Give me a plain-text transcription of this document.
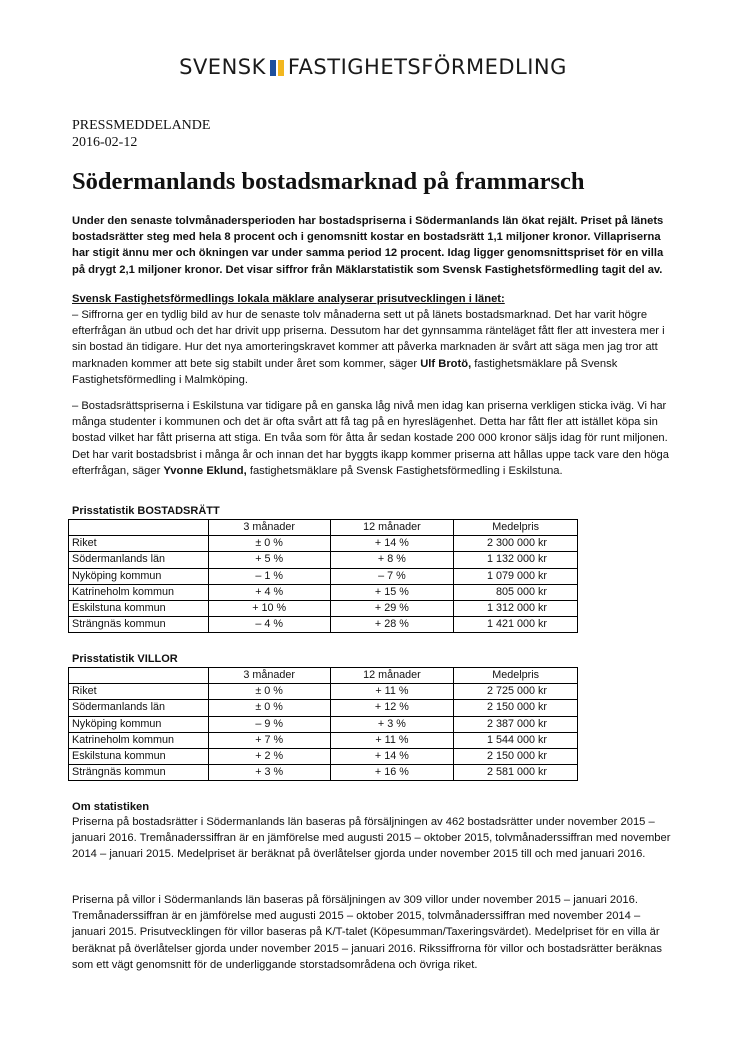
SVENSK FASTIGHETSFÖRMEDLING
PRESSMEDDELANDE
2016-02-12
Södermanlands bostadsmarknad på frammarsch

Under den senaste tolvmånadersperioden har bostadspriserna i Södermanlands län ökat rejält. Priset på länets bostadsrätter steg med hela 8 procent och i genomsnitt kostar en bostadsrätt 1,1 miljoner kronor. Villapriserna har stigit ännu mer och ökningen var under samma period 12 procent. Idag ligger genomsnittspriset för en villa på drygt 2,1 miljoner kronor. Det visar siffror från Mäklarstatistik som Svensk Fastighetsförmedling tagit del av.

Svensk Fastighetsförmedlings lokala mäklare analyserar prisutvecklingen i länet:

– Siffrorna ger en tydlig bild av hur de senaste tolv månaderna sett ut på länets bostadsmarknad. Det har varit högre efterfrågan än utbud och det har drivit upp priserna. Dessutom har det gynnsamma ränteläget fått fler att investera mer i sin bostad än tidigare. Hur det nya amorteringskravet kommer att påverka marknaden är svårt att säga men jag tror att marknaden kommer att bete sig stabilt under året som kommer, säger Ulf Brotö, fastighetsmäklare på Svensk Fastighetsförmedling i Malmköping.

– Bostadsrättspriserna i Eskilstuna var tidigare på en ganska låg nivå men idag kan priserna verkligen sticka iväg. Vi har många studenter i kommunen och det är ofta svårt att få tag på en hyreslägenhet. Detta har fått fler att istället köpa sin bostad vilket har fått priserna att stiga. En tvåa som för åtta år sedan kostade 200 000 kronor säljs idag för runt miljonen. Det har varit bostadsbrist i många år och innan det har byggts ikapp kommer priserna att hållas uppe tack vare den höga efterfrågan, säger Yvonne Eklund, fastighetsmäklare på Svensk Fastighetsförmedling i Eskilstuna.

Prisstatistik BOSTADSRÄTT
	3 månader	12 månader	Medelpris
Riket	± 0 %	+ 14 %	2 300 000 kr
Södermanlands län	+ 5 %	+ 8 %	1 132 000 kr
Nyköping kommun	– 1 %	– 7 %	1 079 000 kr
Katrineholm kommun	+ 4 %	+ 15 %	805 000 kr
Eskilstuna kommun	+ 10 %	+ 29 %	1 312 000 kr
Strängnäs kommun	– 4 %	+ 28 %	1 421 000 kr
Prisstatistik VILLOR
	3 månader	12 månader	Medelpris
Riket	± 0 %	+ 11 %	2 725 000 kr
Södermanlands län	± 0 %	+ 12 %	2 150 000 kr
Nyköping kommun	– 9 %	+ 3 %	2 387 000 kr
Katrineholm kommun	+ 7 %	+ 11 %	1 544 000 kr
Eskilstuna kommun	+ 2 %	+ 14 %	2 150 000 kr
Strängnäs kommun	+ 3 %	+ 16 %	2 581 000 kr

Om statistiken

Priserna på bostadsrätter i Södermanlands län baseras på försäljningen av 462 bostadsrätter under november 2015 – januari 2016. Tremånaderssiffran är en jämförelse med augusti 2015 – oktober 2015, tolvmånaderssiffran med november 2014 – januari 2015. Medelpriset är beräknat på överlåtelser gjorda under november 2015 till och med januari 2016.

Priserna på villor i Södermanlands län baseras på försäljningen av 309 villor under november 2015 – januari 2016. Tremånaderssiffran är en jämförelse med augusti 2015 – oktober 2015, tolvmånaderssiffran med november 2014 – januari 2015. Prisutvecklingen för villor baseras på K/T-talet (Köpesumman/Taxeringsvärdet). Medelpriset för en villa är beräknat på överlåtelser gjorda under november 2015 – januari 2016. Rikssiffrorna för villor och bostadsrätter beräknas som ett vägt genomsnitt för de underliggande storstadsområdena och övriga riket.
